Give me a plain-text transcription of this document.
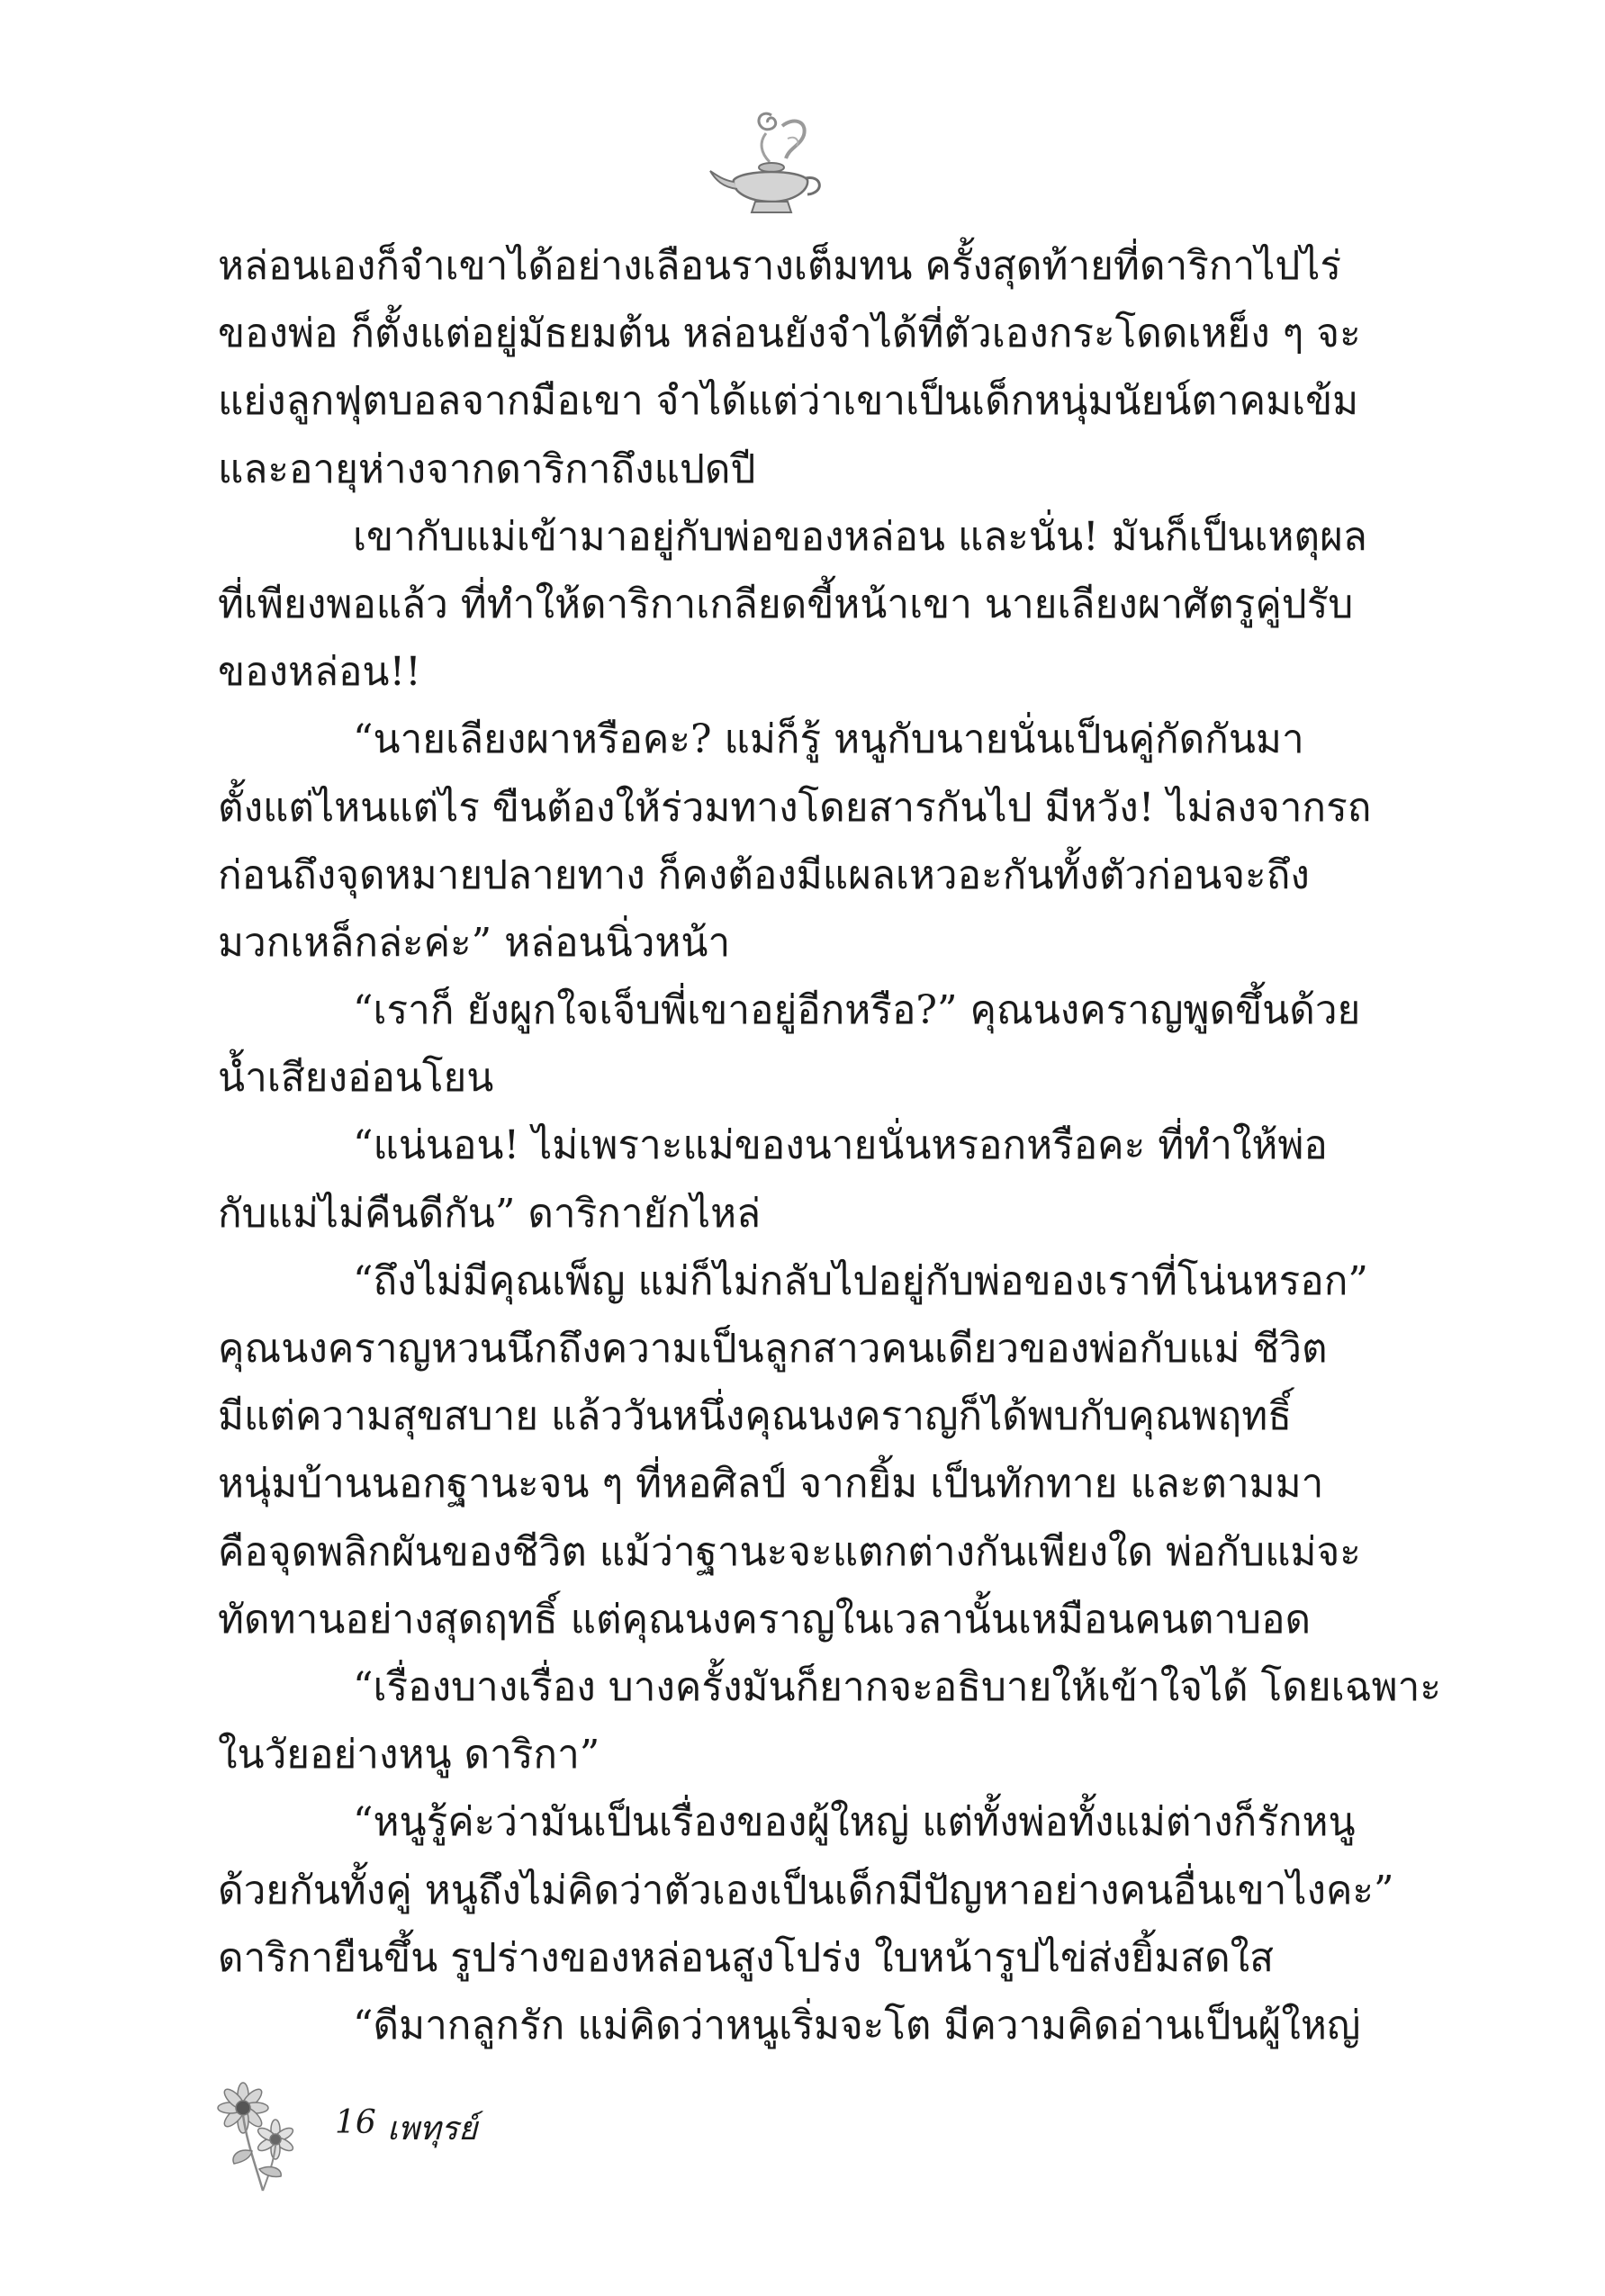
หล่อนเองก็จำเขาได้อย่างเลือนรางเต็มทน ครั้งสุดท้ายที่ดาริกาไปไร่
ของพ่อ ก็ตั้งแต่อยู่มัธยมต้น หล่อนยังจำได้ที่ตัวเองกระโดดเหย็ง ๆ จะ
แย่งลูกฟุตบอลจากมือเขา จำได้แต่ว่าเขาเป็นเด็กหนุ่มนัยน์ตาคมเข้ม
และอายุห่างจากดาริกาถึงแปดปี
เขากับแม่เข้ามาอยู่กับพ่อของหล่อน และนั่น! มันก็เป็นเหตุผล
ที่เพียงพอแล้ว ที่ทำให้ดาริกาเกลียดขี้หน้าเขา นายเลียงผาศัตรูคู่ปรับ
ของหล่อน!!
“นายเลียงผาหรือคะ? แม่ก็รู้ หนูกับนายนั่นเป็นคู่กัดกันมา
ตั้งแต่ไหนแต่ไร ขืนต้องให้ร่วมทางโดยสารกันไป มีหวัง! ไม่ลงจากรถ
ก่อนถึงจุดหมายปลายทาง ก็คงต้องมีแผลเหวอะกันทั้งตัวก่อนจะถึง
มวกเหล็กล่ะค่ะ” หล่อนนิ่วหน้า
“เราก็ ยังผูกใจเจ็บพี่เขาอยู่อีกหรือ?” คุณนงคราญพูดขึ้นด้วย
น้ำเสียงอ่อนโยน
“แน่นอน! ไม่เพราะแม่ของนายนั่นหรอกหรือคะ ที่ทำให้พ่อ
กับแม่ไม่คืนดีกัน” ดาริกายักไหล่
“ถึงไม่มีคุณเพ็ญ แม่ก็ไม่กลับไปอยู่กับพ่อของเราที่โน่นหรอก”
คุณนงคราญหวนนึกถึงความเป็นลูกสาวคนเดียวของพ่อกับแม่ ชีวิต
มีแต่ความสุขสบาย แล้ววันหนึ่งคุณนงคราญก็ได้พบกับคุณพฤทธิ์
หนุ่มบ้านนอกฐานะจน ๆ ที่หอศิลป์ จากยิ้ม เป็นทักทาย และตามมา
คือจุดพลิกผันของชีวิต แม้ว่าฐานะจะแตกต่างกันเพียงใด พ่อกับแม่จะ
ทัดทานอย่างสุดฤทธิ์ แต่คุณนงคราญในเวลานั้นเหมือนคนตาบอด
“เรื่องบางเรื่อง บางครั้งมันก็ยากจะอธิบายให้เข้าใจได้ โดยเฉพาะ
ในวัยอย่างหนู ดาริกา”
“หนูรู้ค่ะว่ามันเป็นเรื่องของผู้ใหญ่ แต่ทั้งพ่อทั้งแม่ต่างก็รักหนู
ด้วยกันทั้งคู่ หนูถึงไม่คิดว่าตัวเองเป็นเด็กมีปัญหาอย่างคนอื่นเขาไงคะ”
ดาริกายืนขึ้น รูปร่างของหล่อนสูงโปร่ง ใบหน้ารูปไข่ส่งยิ้มสดใส
“ดีมากลูกรัก แม่คิดว่าหนูเริ่มจะโต มีความคิดอ่านเป็นผู้ใหญ่
16 เพทุรย์
